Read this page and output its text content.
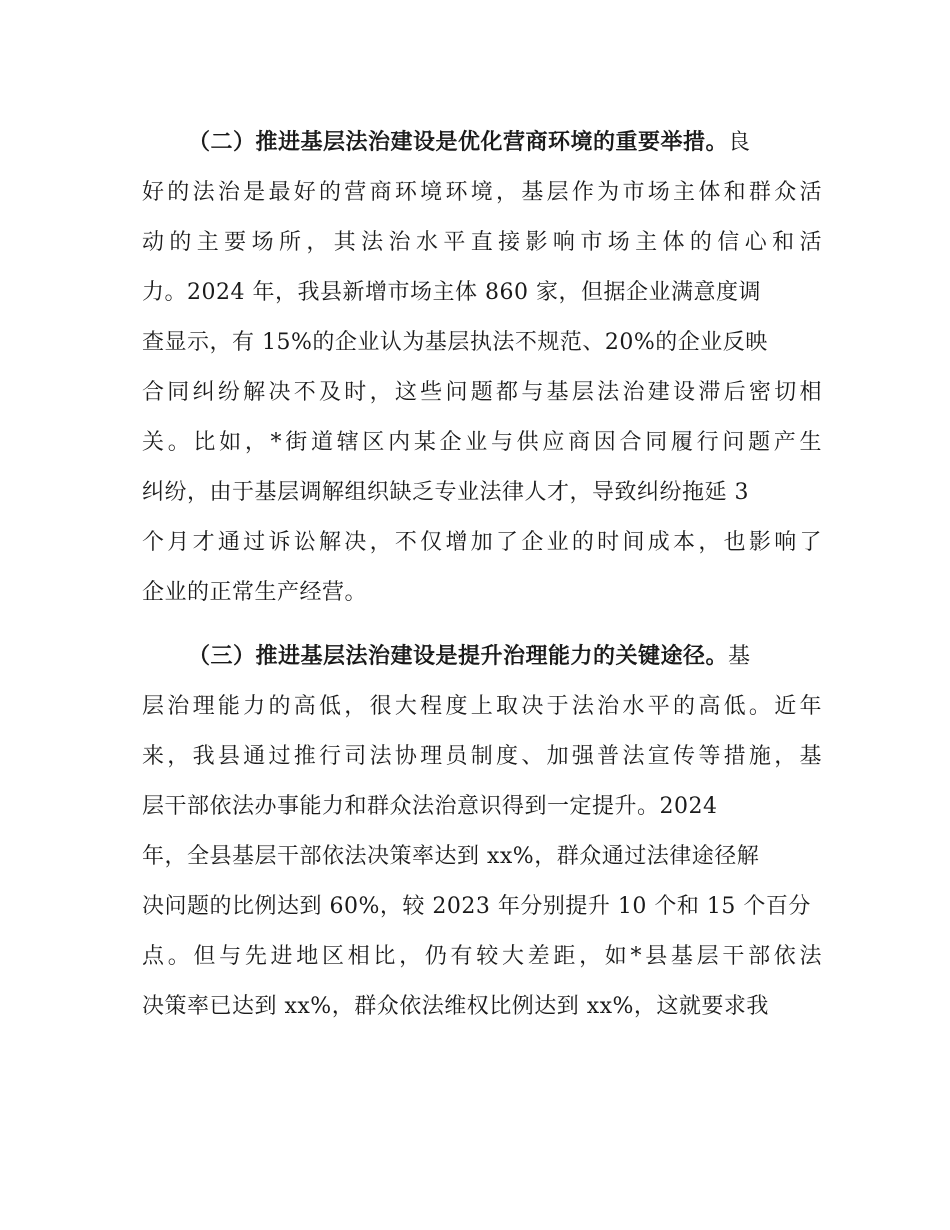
（二）推进基层法治建设是优化营商环境的重要举措。良
好的法治是最好的营商环境环境，基层作为市场主体和群众活
动的主要场所，其法治水平直接影响市场主体的信心和活
力。2024 年，我县新增市场主体 860 家，但据企业满意度调
查显示，有 15%的企业认为基层执法不规范、20%的企业反映
合同纠纷解决不及时，这些问题都与基层法治建设滞后密切相
关。比如，*街道辖区内某企业与供应商因合同履行问题产生
纠纷，由于基层调解组织缺乏专业法律人才，导致纠纷拖延 3
个月才通过诉讼解决，不仅增加了企业的时间成本，也影响了
企业的正常生产经营。
（三）推进基层法治建设是提升治理能力的关键途径。基
层治理能力的高低，很大程度上取决于法治水平的高低。近年
来，我县通过推行司法协理员制度、加强普法宣传等措施，基
层干部依法办事能力和群众法治意识得到一定提升。2024
年，全县基层干部依法决策率达到 xx%，群众通过法律途径解
决问题的比例达到 60%，较 2023 年分别提升 10 个和 15 个百分
点。但与先进地区相比，仍有较大差距，如*县基层干部依法
决策率已达到 xx%，群众依法维权比例达到 xx%，这就要求我
